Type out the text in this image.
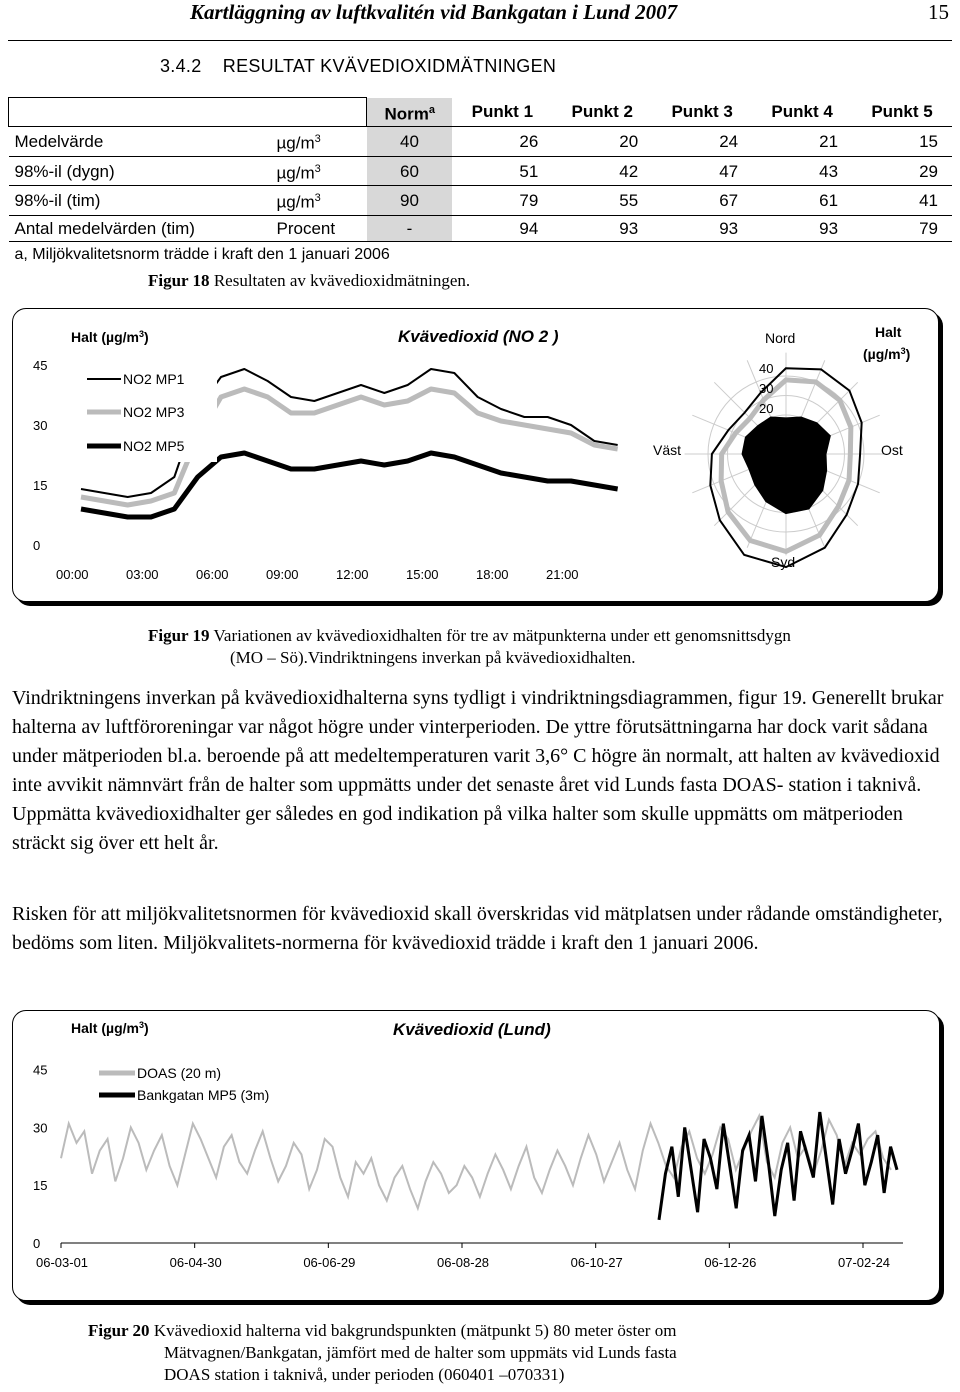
Kartläggning av luftkvalitén vid Bankgatan i Lund 2007	15
3.4.2 RESULTAT KVÄVEDIOXIDMÄTNINGEN
		Norm$^a$	Punkt 1	Punkt 2	Punkt 3	Punkt 4	Punkt 5
Medelvärde	$\mu g/m^3$	40	26	20	24	21	15
98%-il (dygn)	$\mu g/m^3$	60	51	42	47	43	29
98%-il (tim)	$\mu g/m^3$	90	79	55	67	61	41
Antal medelvärden (tim)	Procent	-	94	93	93	93	79
a, Miljökvalitetsnorm trädde i kraft den 1 januari 2006							
Figur 18 Resultaten av kvävedioxidmätningen.
Halt $(\mu g/m^3)$	Kvävedioxid (NO 2 )
45
30
15
0
00:00	03:00	06:00	09:00	12:00	15:00	18:00	21:00
NO2 MP1
NO2 MP3
NO2 MP5
40
30
20
Nord
Ost
Syd
Väst
Halt
$(\mu g/m^3)$
Figur 19 Variationen av kvävedioxidhalten för tre av mätpunkterna under ett genomsnittsdygn
(MO – Sö).Vindriktningens inverkan på kvävedioxidhalten.
Vindriktningens inverkan på kvävedioxidhalterna syns tydligt i vindriktningsdiagrammen, figur 19. Generellt brukar halterna av luftföroreningar var något högre under vinterperioden. De yttre förutsättningarna har dock varit sådana under mätperioden bl.a. beroende på att medeltemperaturen varit 3,6° C högre än normalt, att halten av kvävedioxid inte avvikit nämnvärt från de halter som uppmätts under det senaste året vid Lunds fasta DOAS- station i taknivå. Uppmätta kvävedioxidhalter ger således en god indikation på vilka halter som skulle uppmätts om mätperioden sträckt sig över ett helt år.
Risken för att miljökvalitetsnormen för kvävedioxid skall överskridas vid mätplatsen under rådande omständigheter, bedöms som liten. Miljökvalitets-normerna för kvävedioxid trädde i kraft den 1 januari 2006.
Halt $(\mu g/m^3)$	Kvävedioxid (Lund)
45
30
15
0
06-03-01	06-04-30	06-06-29	06-08-28	06-10-27	06-12-26	07-02-24
DOAS (20 m)
Bankgatan MP5 (3m)
Figur 20 Kvävedioxid halterna vid bakgrundspunkten (mätpunkt 5) 80 meter öster om
Mätvagnen/Bankgatan, jämfört med de halter som uppmäts vid Lunds fasta
DOAS station i taknivå, under perioden (060401 –070331)
